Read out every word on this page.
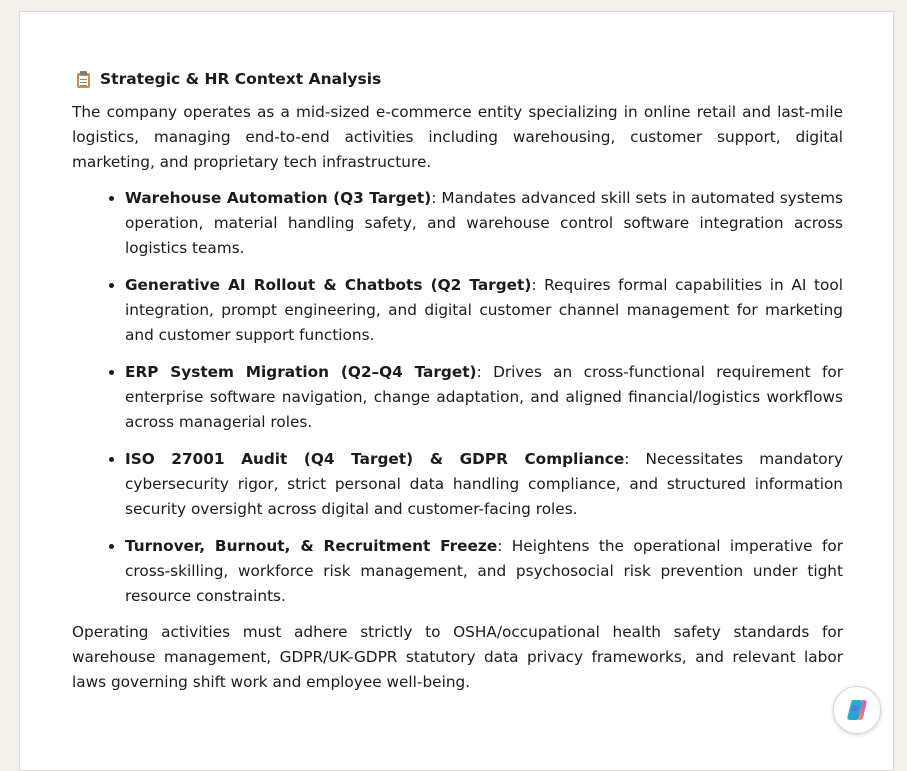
Strategic & HR Context Analysis

The company operates as a mid-sized e-commerce entity specializing in online retail and last-mile logistics, managing end-to-end activities including warehousing, customer support, digital marketing, and proprietary tech infrastructure.

• Warehouse Automation (Q3 Target): Mandates advanced skill sets in automated systems operation, material handling safety, and warehouse control software integration across logistics teams.
• Generative AI Rollout & Chatbots (Q2 Target): Requires formal capabilities in AI tool integration, prompt engineering, and digital customer channel management for marketing and customer support functions.
• ERP System Migration (Q2–Q4 Target): Drives an cross-functional requirement for enterprise software navigation, change adaptation, and aligned financial/logistics workflows across managerial roles.
• ISO 27001 Audit (Q4 Target) & GDPR Compliance: Necessitates mandatory cybersecurity rigor, strict personal data handling compliance, and structured information security oversight across digital and customer-facing roles.
• Turnover, Burnout, & Recruitment Freeze: Heightens the operational imperative for cross-skilling, workforce risk management, and psychosocial risk prevention under tight resource constraints.

Operating activities must adhere strictly to OSHA/occupational health safety standards for warehouse management, GDPR/UK-GDPR statutory data privacy frameworks, and relevant labor laws governing shift work and employee well-being.
